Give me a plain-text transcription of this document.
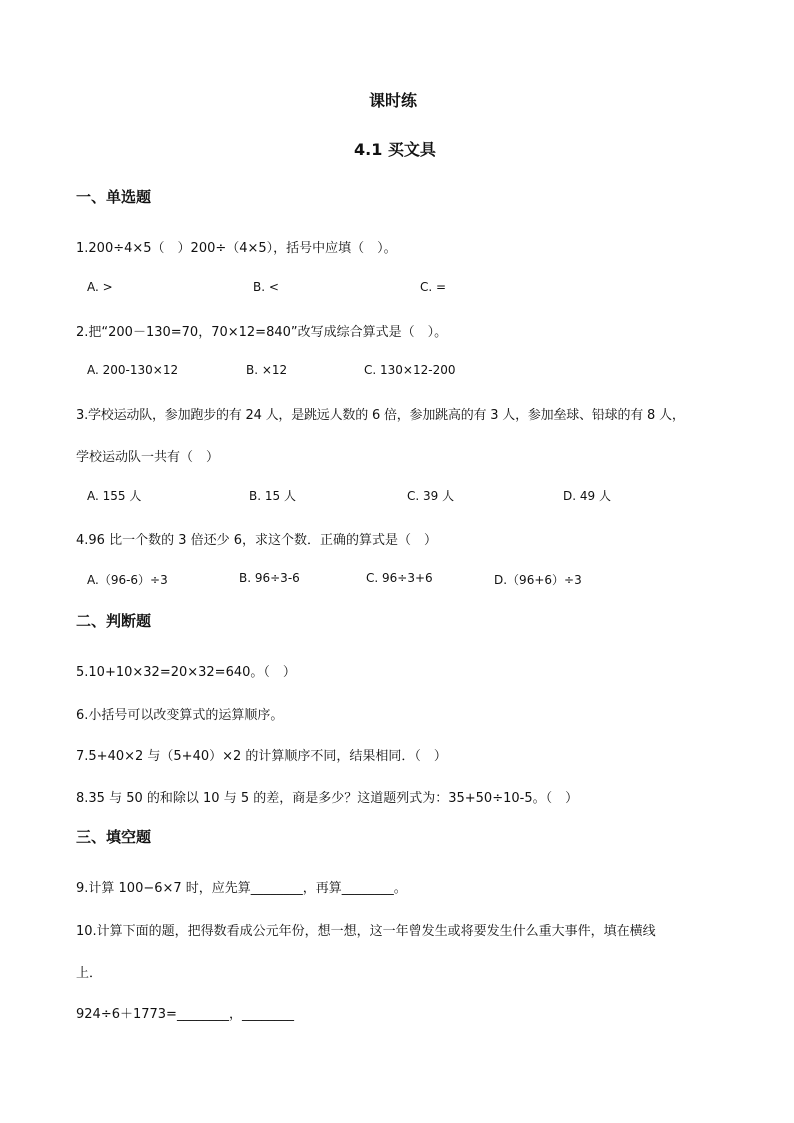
课时练
4.1 买文具
一、单选题
1.200÷4×5（　）200÷（4×5），括号中应填（　）。
A. >	B. <	C. =
2.把“200－130=70，70×12=840”改写成综合算式是（　）。
A. 200-130×12	B. ×12	C. 130×12-200
3.学校运动队，参加跑步的有 24 人，是跳远人数的 6 倍，参加跳高的有 3 人，参加垒球、铅球的有 8 人，
学校运动队一共有（　）
A. 155 人	B. 15 人	C. 39 人	D. 49 人
4.96 比一个数的 3 倍还少 6，求这个数．正确的算式是（　）
A.（96-6）÷3	B. 96÷3-6	C. 96÷3+6	D.（96+6）÷3
二、判断题
5.10+10×32=20×32=640。（　）
6.小括号可以改变算式的运算顺序。
7.5+40×2 与（5+40）×2 的计算顺序不同，结果相同．（　）
8.35 与 50 的和除以 10 与 5 的差，商是多少？这道题列式为：35+50÷10-5。（　）
三、填空题
9.计算 100−6×7 时，应先算________，再算________。
10.计算下面的题，把得数看成公元年份，想一想，这一年曾发生或将要发生什么重大事件，填在横线
上．
924÷6＋1773=________，________
